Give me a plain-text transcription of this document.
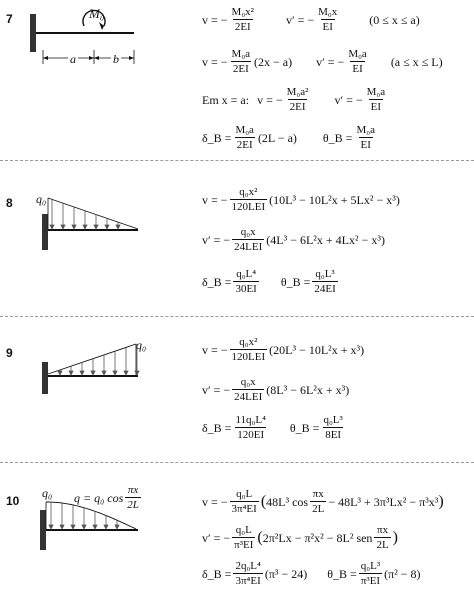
7	M₀
a	b
v = − $\frac{\text{M₀x²}}{2EI}$	v′ = − $\frac{\text{M₀x}}{EI}$	(0 ≤ x ≤ a)
v = − $\frac{\text{M₀a}}{2EI} (2x - a) v'$ = − $\frac{\text{M₀a}}{EI} (a \le x \le L)$
Em x = a: v = − $\frac{\text{M₀a²}}{2EI} v'$ = − $\frac{\text{M₀a}}{EI}$
δ_B = $\frac{\text{M₀a}}{2EI} (2L - a)$ θ_B = $\frac{\text{M₀a}}{EI}$
8 q₀	v = − $\frac{\text{q₀x²}}{\text{120LEI}} (10L^3 - 10L^2x + 5Lx^2 - x^3)$
v′ = − $\frac{\text{q₀x}}{\text{24LEI}} (4L^3 - 6L^2x + 4Lx^2 - x^3)$
δ_B = $\frac{\text{q₀L⁴}}{30EI}$ θ_B = $\frac{\text{q₀L³}}{24EI}$
9
q₀	v = − $\frac{\text{q₀x²}}{\text{120LEI}} (20L^3 - 10L^2x + x^3)$
v′ = − $\frac{\text{q₀x}}{\text{24LEI}} (8L^3 - 6L^2x + x^3)$
δ_B = $\frac{\text{11q₀L⁴}}{120EI}$ θ_B = $\frac{\text{q₀L³}}{8EI}$
10
q₀ q = q₀ $\cos \frac{\pi x}{2L}$	v = − $\frac{\text{q₀L}}{\text{3π⁴EI}}$ ( 48L³ $\cos \frac{\pi x}{2L} - 48L^3 + 3\pi^3Lx^2 - \pi^3x^3$ )
v′ = − $\frac{\text{q₀L}}{\text{π³EI}}$ ( 2π²Lx − π²x² − 8L² sen $\frac{\pi x}{2L}$ )
δ_B = $\frac{\text{2q₀L⁴}}{\text{3π⁴EI}} (\pi^3 - 24)$ θ_B = $\frac{\text{q₀L³}}{\text{π³EI}} (\pi^2 - 8)$
